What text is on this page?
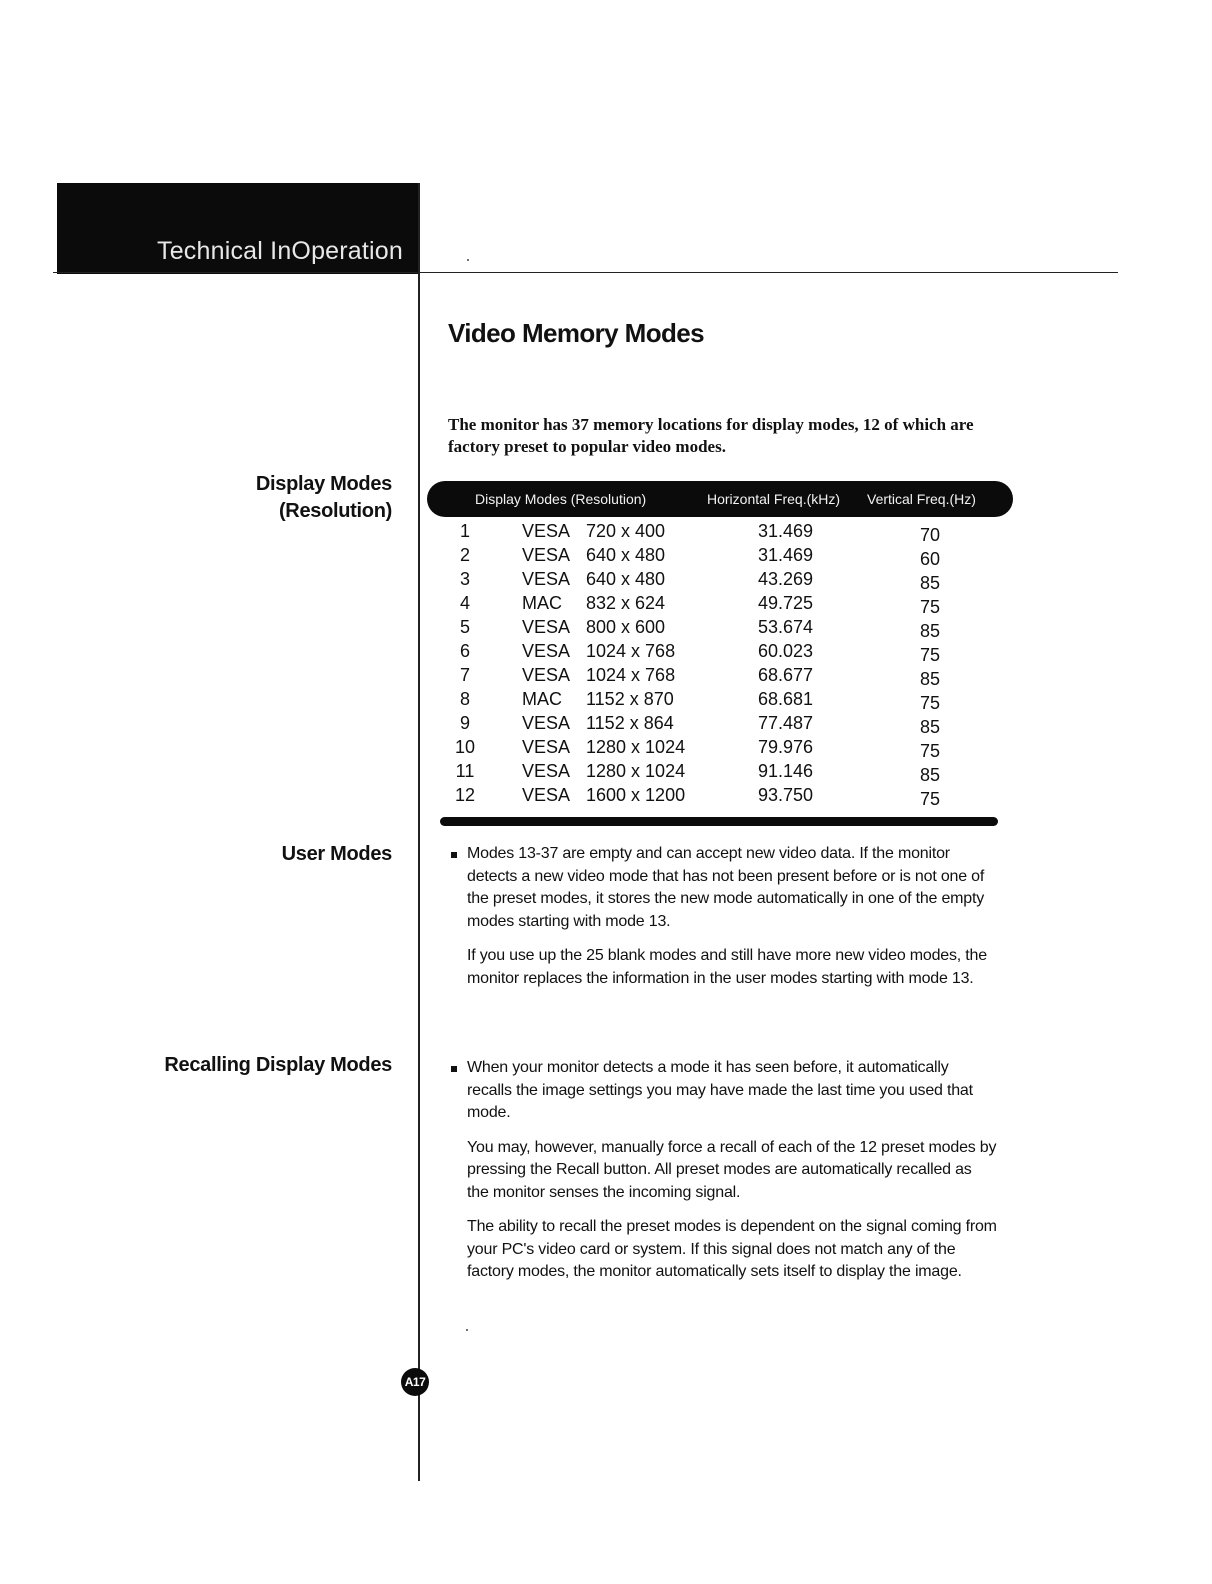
Technical InOperation
Video Memory Modes
The monitor has 37 memory locations for display modes, 12 of which are factory preset to popular video modes.
Display Modes
(Resolution)
Display Modes (Resolution)	Horizontal Freq.(kHz) Vertical Freq.(Hz)
1	VESA 720 x 400	31.469	70
2	VESA 640 x 480	31.469	60
3	VESA 640 x 480	43.269	85
4	MAC 832 x 624	49.725	75
5	VESA 800 x 600	53.674	85
6	VESA 1024 x 768	60.023	75
7	VESA 1024 x 768	68.677	85
8	MAC 1152 x 870	68.681	75
9	VESA 1152 x 864	77.487	85
10	VESA 1280 x 1024	79.976	75
11	VESA 1280 x 1024	91.146	85
12	VESA 1600 x 1200	93.750	75
User Modes	Modes 13-37 are empty and can accept new video data. If the monitor detects a new video mode that has not been present before or is not one of the preset modes, it stores the new mode automatically in one of the empty modes starting with mode 13.

If you use up the 25 blank modes and still have more new video modes, the monitor replaces the information in the user modes starting with mode 13.

Recalling Display Modes	When your monitor detects a mode it has seen before, it automatically recalls the image settings you may have made the last time you used that mode.

You may, however, manually force a recall of each of the 12 preset modes by pressing the Recall button. All preset modes are automatically recalled as the monitor senses the incoming signal.

The ability to recall the preset modes is dependent on the signal coming from your PC's video card or system. If this signal does not match any of the factory modes, the monitor automatically sets itself to display the image.

A17
